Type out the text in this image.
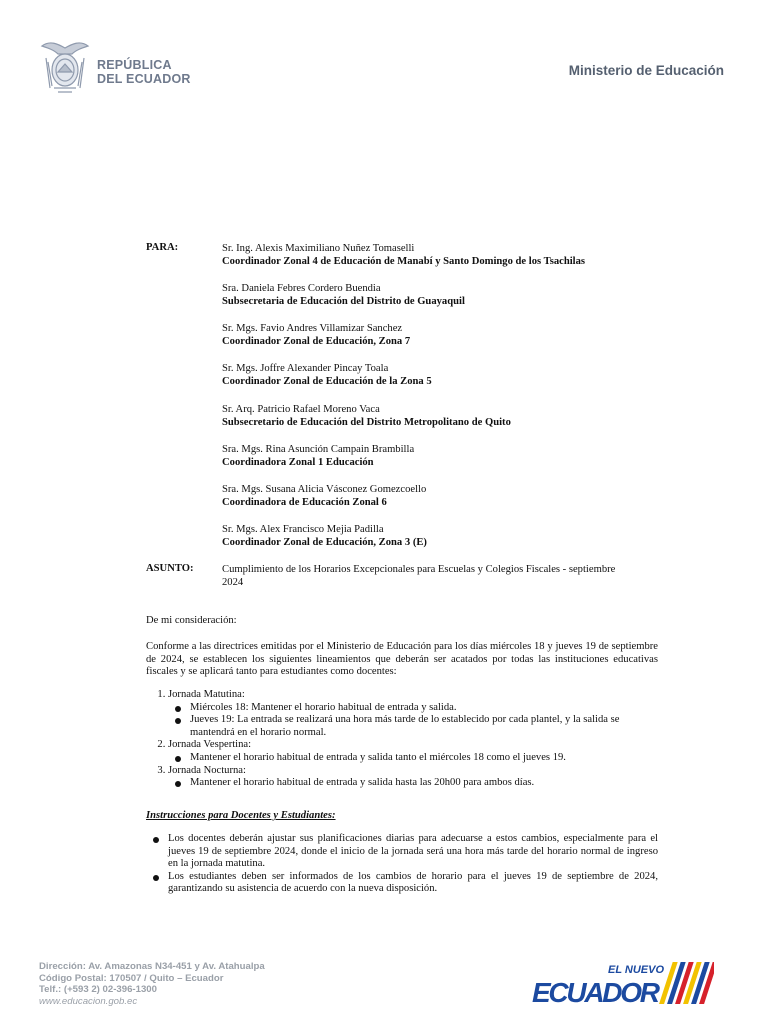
REPÚBLICA
DEL ECUADOR
Ministerio de Educación
PARA:	Sr. Ing. Alexis Maximiliano Nuñez Tomaselli
Coordinador Zonal 4 de Educación de Manabí y Santo Domingo de los Tsachilas
Sra. Daniela Febres Cordero Buendia
Subsecretaria de Educación del Distrito de Guayaquil
Sr. Mgs. Favio Andres Villamizar Sanchez
Coordinador Zonal de Educación, Zona 7
Sr. Mgs. Joffre Alexander Pincay Toala
Coordinador Zonal de Educación de la Zona 5
Sr. Arq. Patricio Rafael Moreno Vaca
Subsecretario de Educación del Distrito Metropolitano de Quito
Sra. Mgs. Rina Asunción Campain Brambilla
Coordinadora Zonal 1 Educación
Sra. Mgs. Susana Alicia Vásconez Gomezcoello
Coordinadora de Educación Zonal 6
Sr. Mgs. Alex Francisco Mejia Padilla
Coordinador Zonal de Educación, Zona 3 (E)
ASUNTO:	Cumplimiento de los Horarios Excepcionales para Escuelas y Colegios Fiscales - septiembre
2024
De mi consideración:
Conforme a las directrices emitidas por el Ministerio de Educación para los días miércoles 18 y jueves 19 de septiembre de 2024, se establecen los siguientes lineamientos que deberán ser acatados por todas las instituciones educativas fiscales y se aplicará tanto para estudiantes como docentes:
1. Jornada Matutina:
Miércoles 18: Mantener el horario habitual de entrada y salida.
Jueves 19: La entrada se realizará una hora más tarde de lo establecido por cada plantel, y la salida se mantendrá en el horario normal.
2. Jornada Vespertina:
Mantener el horario habitual de entrada y salida tanto el miércoles 18 como el jueves 19.
3. Jornada Nocturna:
Mantener el horario habitual de entrada y salida hasta las 20h00 para ambos días.
Instrucciones para Docentes y Estudiantes:
Los docentes deberán ajustar sus planificaciones diarias para adecuarse a estos cambios, especialmente para el jueves 19 de septiembre 2024, donde el inicio de la jornada será una hora más tarde del horario normal de ingreso en la jornada matutina.
Los estudiantes deben ser informados de los cambios de horario para el jueves 19 de septiembre de 2024, garantizando su asistencia de acuerdo con la nueva disposición.
Dirección: Av. Amazonas N34-451 y Av. Atahualpa
Código Postal: 170507 / Quito – Ecuador
Telf.: (+593 2) 02-396-1300
www.educacion.gob.ec
EL NUEVO
ECUADOR
